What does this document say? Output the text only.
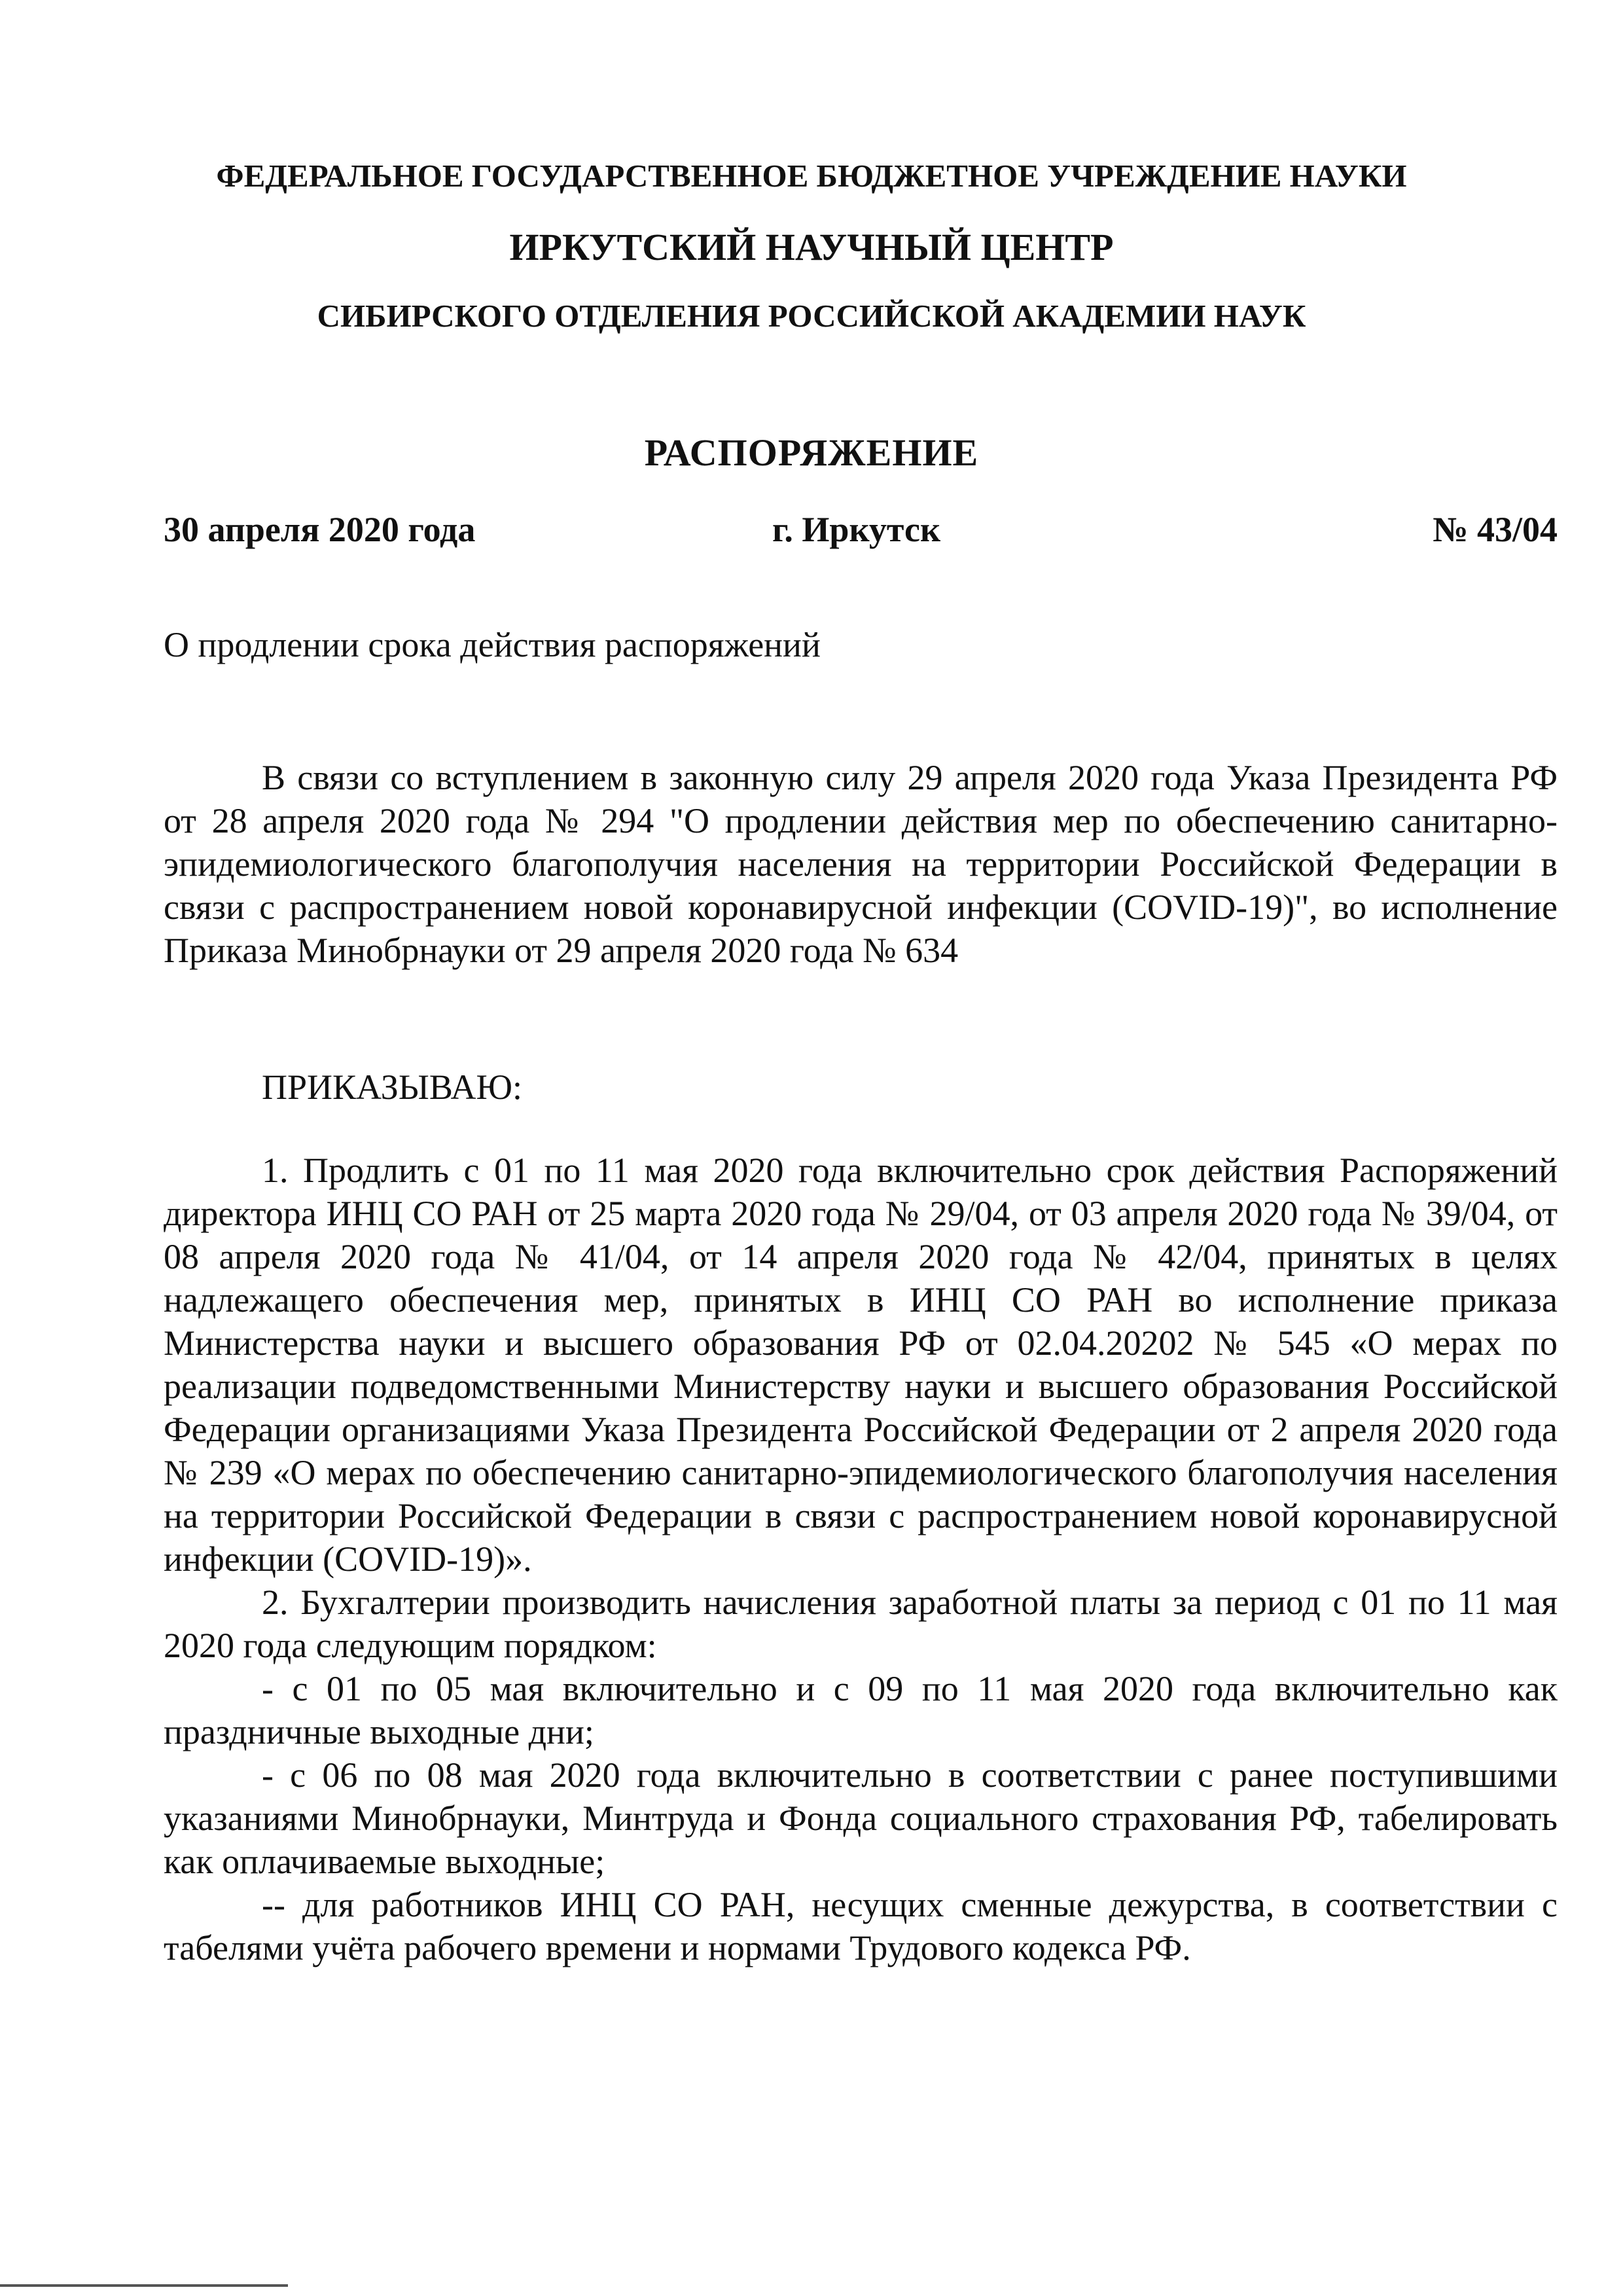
ФЕДЕРАЛЬНОЕ ГОСУДАРСТВЕННОЕ БЮДЖЕТНОЕ УЧРЕЖДЕНИЕ НАУКИ
ИРКУТСКИЙ НАУЧНЫЙ ЦЕНТР
СИБИРСКОГО ОТДЕЛЕНИЯ РОССИЙСКОЙ АКАДЕМИИ НАУК
РАСПОРЯЖЕНИЕ
30 апреля 2020 года	г. Иркутск	№ 43/04
О продлении срока действия распоряжений

В связи со вступлением в законную силу 29 апреля 2020 года Указа Президента РФ от 28 апреля 2020 года № 294 "О продлении действия мер по обеспечению санитарно-эпидемиологического благополучия населения на территории Российской Федерации в связи с распространением новой коронавирусной инфекции (COVID-19)", во исполнение Приказа Минобрнауки от 29 апреля 2020 года № 634

ПРИКАЗЫВАЮ:

1. Продлить с 01 по 11 мая 2020 года включительно срок действия Распоряжений директора ИНЦ СО РАН от 25 марта 2020 года № 29/04, от 03 апреля 2020 года № 39/04, от 08 апреля 2020 года № 41/04, от 14 апреля 2020 года № 42/04, принятых в целях надлежащего обеспечения мер, принятых в ИНЦ СО РАН во исполнение приказа Министерства науки и высшего образования РФ от 02.04.20202 № 545 «О мерах по реализации подведомственными Министерству науки и высшего образования Российской Федерации организациями Указа Президента Российской Федерации от 2 апреля 2020 года № 239 «О мерах по обеспечению санитарно-эпидемиологического благополучия населения на территории Российской Федерации в связи с распространением новой коронавирусной инфекции (COVID-19)».

2. Бухгалтерии производить начисления заработной платы за период с 01 по 11 мая 2020 года следующим порядком:

- с 01 по 05 мая включительно и с 09 по 11 мая 2020 года включительно как праздничные выходные дни;

- с 06 по 08 мая 2020 года включительно в соответствии с ранее поступившими указаниями Минобрнауки, Минтруда и Фонда социального страхования РФ, табелировать как оплачиваемые выходные;

-- для работников ИНЦ СО РАН, несущих сменные дежурства, в соответствии с табелями учёта рабочего времени и нормами Трудового кодекса РФ.
